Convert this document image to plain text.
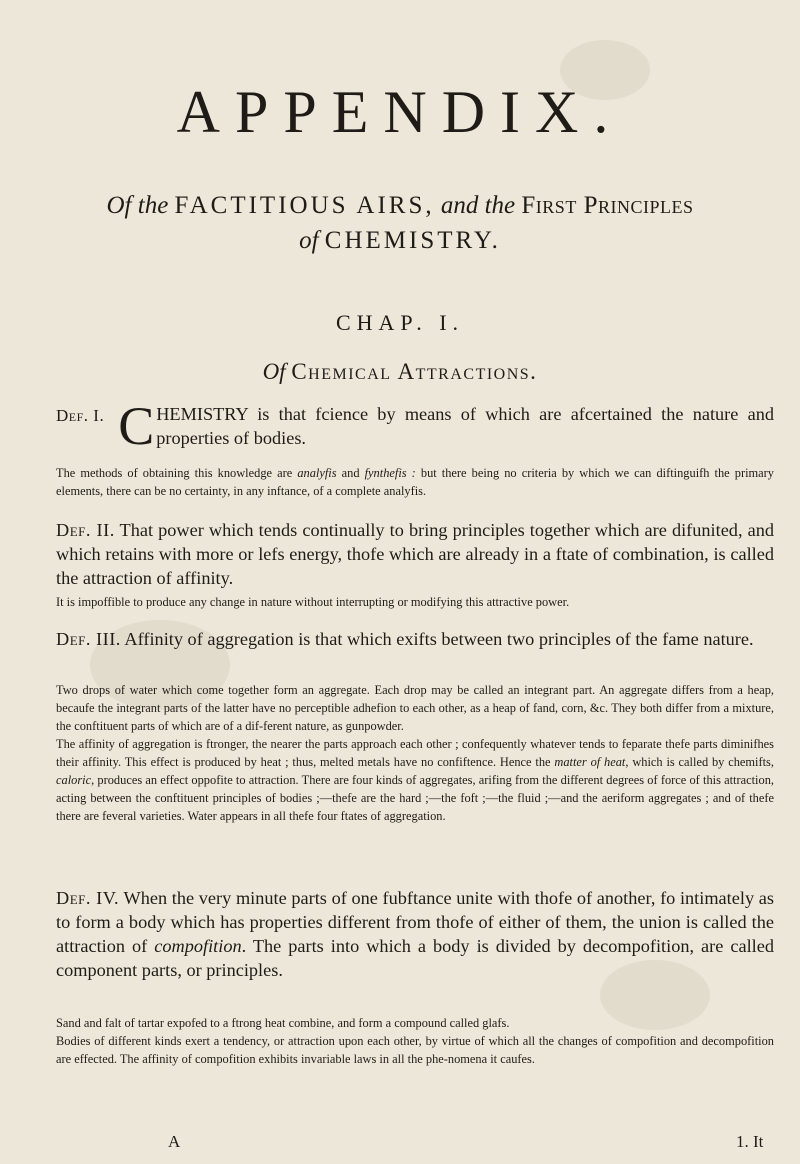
APPENDIX.
Of the FACTITIOUS AIRS, and the First Principles
of CHEMISTRY.
CHAP. I.
Of Chemical Attractions.
Def. I. C HEMISTRY is that fcience by means of which are afcertained the nature and properties of bodies.

The methods of obtaining this knowledge are analyfis and fynthefis : but there being no criteria by which we can diftinguifh the primary elements, there can be no certainty, in any inftance, of a complete analyfis.

Def. II. That power which tends continually to bring principles together which are difunited, and which retains with more or lefs energy, thofe which are already in a ftate of combination, is called the attraction of affinity.

It is impoffible to produce any change in nature without interrupting or modifying this attractive power.

Def. III. Affinity of aggregation is that which exifts between two principles of the fame nature.

Two drops of water which come together form an aggregate. Each drop may be called an integrant part. An aggregate differs from a heap, becaufe the integrant parts of the latter have no perceptible adhefion to each other, as a heap of fand, corn, &c. They both differ from a mixture, the conftituent parts of which are of a dif-ferent nature, as gunpowder.

The affinity of aggregation is ftronger, the nearer the parts approach each other ; confequently whatever tends to feparate thefe parts diminifhes their affinity. This effect is produced by heat ; thus, melted metals have no confiftence. Hence the matter of heat, which is called by chemifts, caloric, produces an effect oppofite to attraction. There are four kinds of aggregates, arifing from the different degrees of force of this attraction, acting between the conftituent principles of bodies ;—thefe are the hard ;—the foft ;—the fluid ;—and the aeriform aggregates ; and of thefe there are feveral varieties. Water appears in all thefe four ftates of aggregation.

Def. IV. When the very minute parts of one fubftance unite with thofe of another, fo intimately as to form a body which has properties different from thofe of either of them, the union is called the attraction of compofition. The parts into which a body is divided by decompofition, are called component parts, or principles.

Sand and falt of tartar expofed to a ftrong heat combine, and form a compound called glafs.

Bodies of different kinds exert a tendency, or attraction upon each other, by virtue of which all the changes of compofition and decompofition are effected. The affinity of compofition exhibits invariable laws in all the phe-nomena it caufes.

A	1. It
